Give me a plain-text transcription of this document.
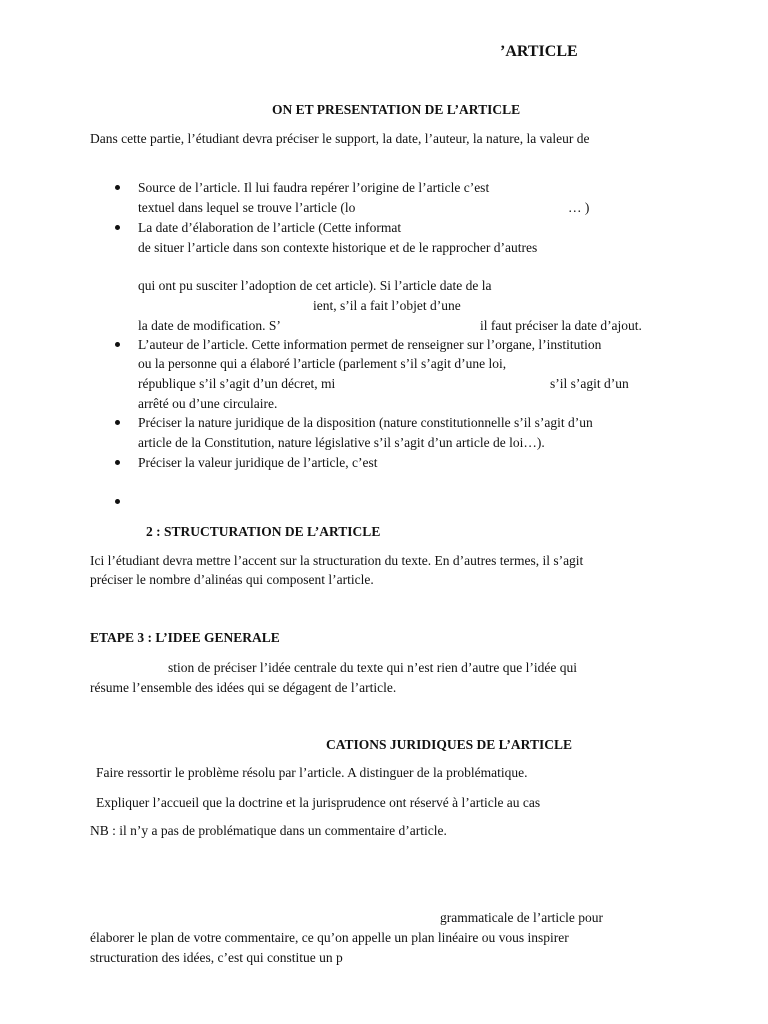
’ARTICLE
ON ET PRESENTATION DE L’ARTICLE
Dans cette partie, l’étudiant devra préciser le support, la date, l’auteur, la nature, la valeur de
Source de l’article. Il lui faudra repérer l’origine de l’article c’est
textuel dans lequel se trouve l’article (lo	… )
La date d’élaboration de l’article (Cette informat
de situer l’article dans son contexte historique et de le rapprocher d’autres
qui ont pu susciter l’adoption de cet article). Si l’article date de la
ient, s’il a fait l’objet d’une
la date de modification. S’	il faut préciser la date d’ajout.
L’auteur de l’article. Cette information permet de renseigner sur l’organe, l’institution
ou la personne qui a élaboré l’article (parlement s’il s’agit d’une loi,
république s’il s’agit d’un décret, mi	s’il s’agit d’un
arrêté ou d’une circulaire.
Préciser la nature juridique de la disposition (nature constitutionnelle s’il s’agit d’un
article de la Constitution, nature législative s’il s’agit d’un article de loi…).
Préciser la valeur juridique de l’article, c’est
2 : STRUCTURATION DE L’ARTICLE
Ici l’étudiant devra mettre l’accent sur la structuration du texte. En d’autres termes, il s’agit
préciser le nombre d’alinéas qui composent l’article.
ETAPE 3 : L’IDEE GENERALE
stion de préciser l’idée centrale du texte qui n’est rien d’autre que l’idée qui
résume l’ensemble des idées qui se dégagent de l’article.
CATIONS JURIDIQUES DE L’ARTICLE
Faire ressortir le problème résolu par l’article. A distinguer de la problématique.
Expliquer l’accueil que la doctrine et la jurisprudence ont réservé à l’article au cas
NB : il n’y a pas de problématique dans un commentaire d’article.
grammaticale de l’article pour
élaborer le plan de votre commentaire, ce qu’on appelle un plan linéaire ou vous inspirer
structuration des idées, c’est qui constitue un p
